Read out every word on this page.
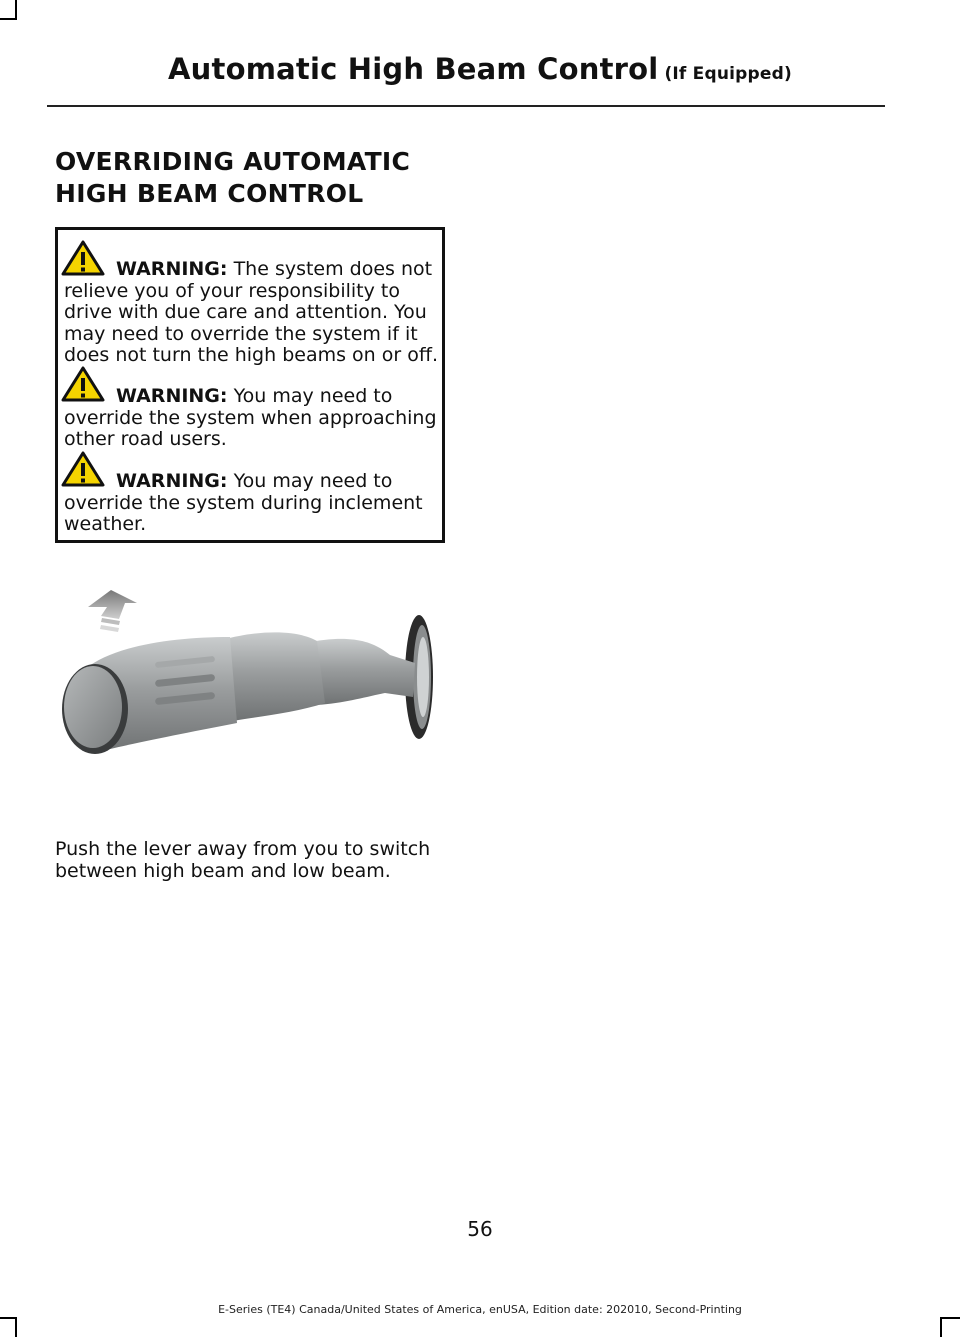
Automatic High Beam Control (If Equipped)
OVERRIDING AUTOMATIC HIGH BEAM CONTROL
WARNING: The system does not relieve you of your responsibility to drive with due care and attention. You may need to override the system if it does not turn the high beams on or off.
WARNING: You may need to override the system when approaching other road users.
WARNING: You may need to override the system during inclement weather.
Push the lever away from you to switch between high beam and low beam.
56
E-Series (TE4) Canada/United States of America, enUSA, Edition date: 202010, Second-Printing
